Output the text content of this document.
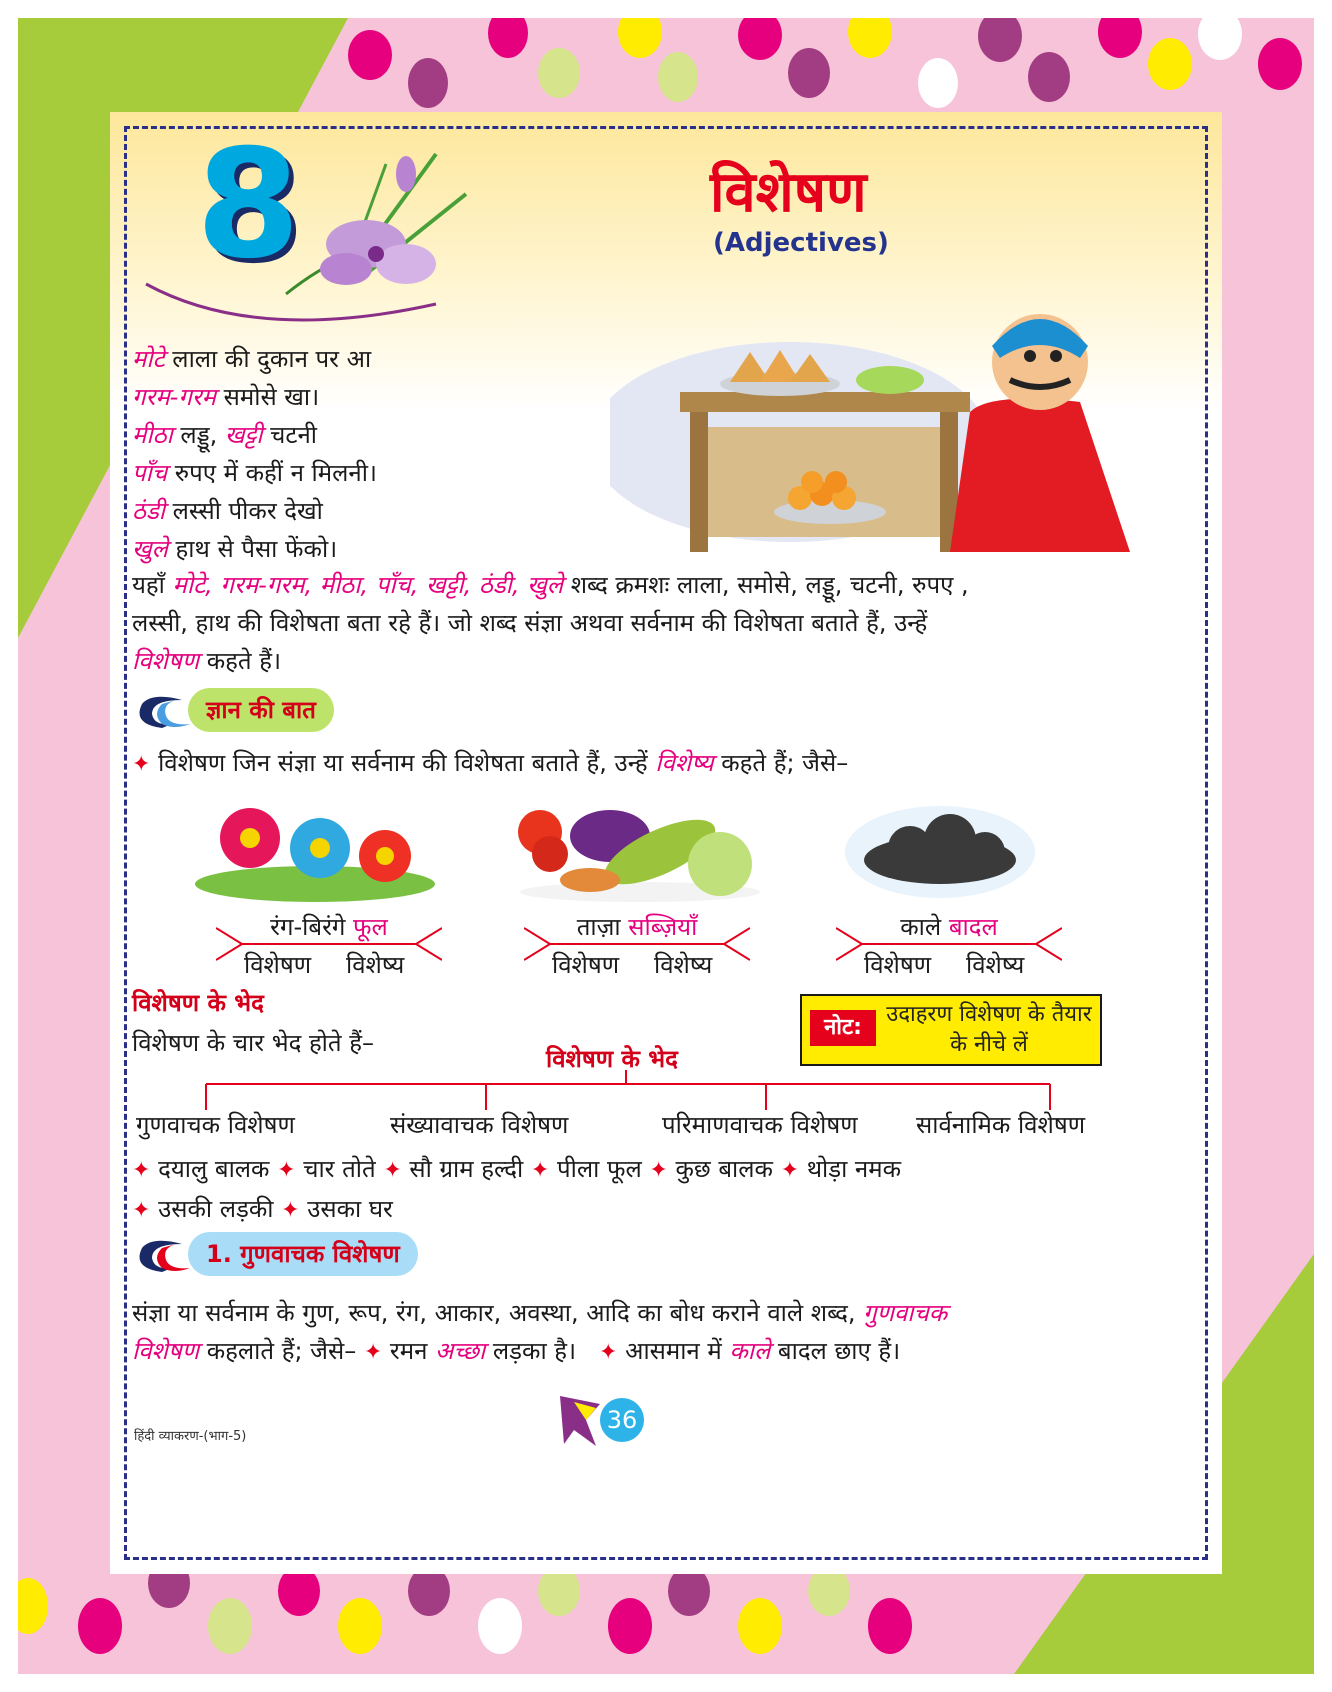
8	विशेषण
(Adjectives)
मोटे लाला की दुकान पर आ
गरम-गरम समोसे खा।
मीठा लड्डू, खट्टी चटनी
पाँच रुपए में कहीं न मिलनी।
ठंडी लस्सी पीकर देखो
खुले हाथ से पैसा फेंको।
यहाँ मोटे, गरम-गरम, मीठा, पाँच, खट्टी, ठंडी, खुले शब्द क्रमशः लाला, समोसे, लड्डू, चटनी, रुपए ,
लस्सी, हाथ की विशेषता बता रहे हैं। जो शब्द संज्ञा अथवा सर्वनाम की विशेषता बताते हैं, उन्हें
विशेषण कहते हैं।
ज्ञान की बात
✦ विशेषण जिन संज्ञा या सर्वनाम की विशेषता बताते हैं, उन्हें विशेष्य कहते हैं; जैसे–
रंग-बिरंगे फूल
विशेषण विशेष्य
ताज़ा सब्ज़ियाँ
विशेषण विशेष्य
काले बादल
विशेषण विशेष्य
विशेषण के भेद
विशेषण के चार भेद होते हैं–
नोट:
उदाहरण विशेषण के तैयार के नीचे लें
विशेषण के भेद
गुणवाचक विशेषण	संख्यावाचक विशेषण	परिमाणवाचक विशेषण सार्वनामिक विशेषण
✦ दयालु बालक ✦ चार तोते ✦ सौ ग्राम हल्दी ✦ पीला फूल ✦ कुछ बालक ✦ थोड़ा नमक
✦ उसकी लड़की ✦ उसका घर
1. गुणवाचक विशेषण
संज्ञा या सर्वनाम के गुण, रूप, रंग, आकार, अवस्था, आदि का बोध कराने वाले शब्द, गुणवाचक
विशेषण कहलाते हैं; जैसे– ✦ रमन अच्छा लड़का है। ✦ आसमान में काले बादल छाए हैं।
हिंदी व्याकरण-(भाग-5)
36
